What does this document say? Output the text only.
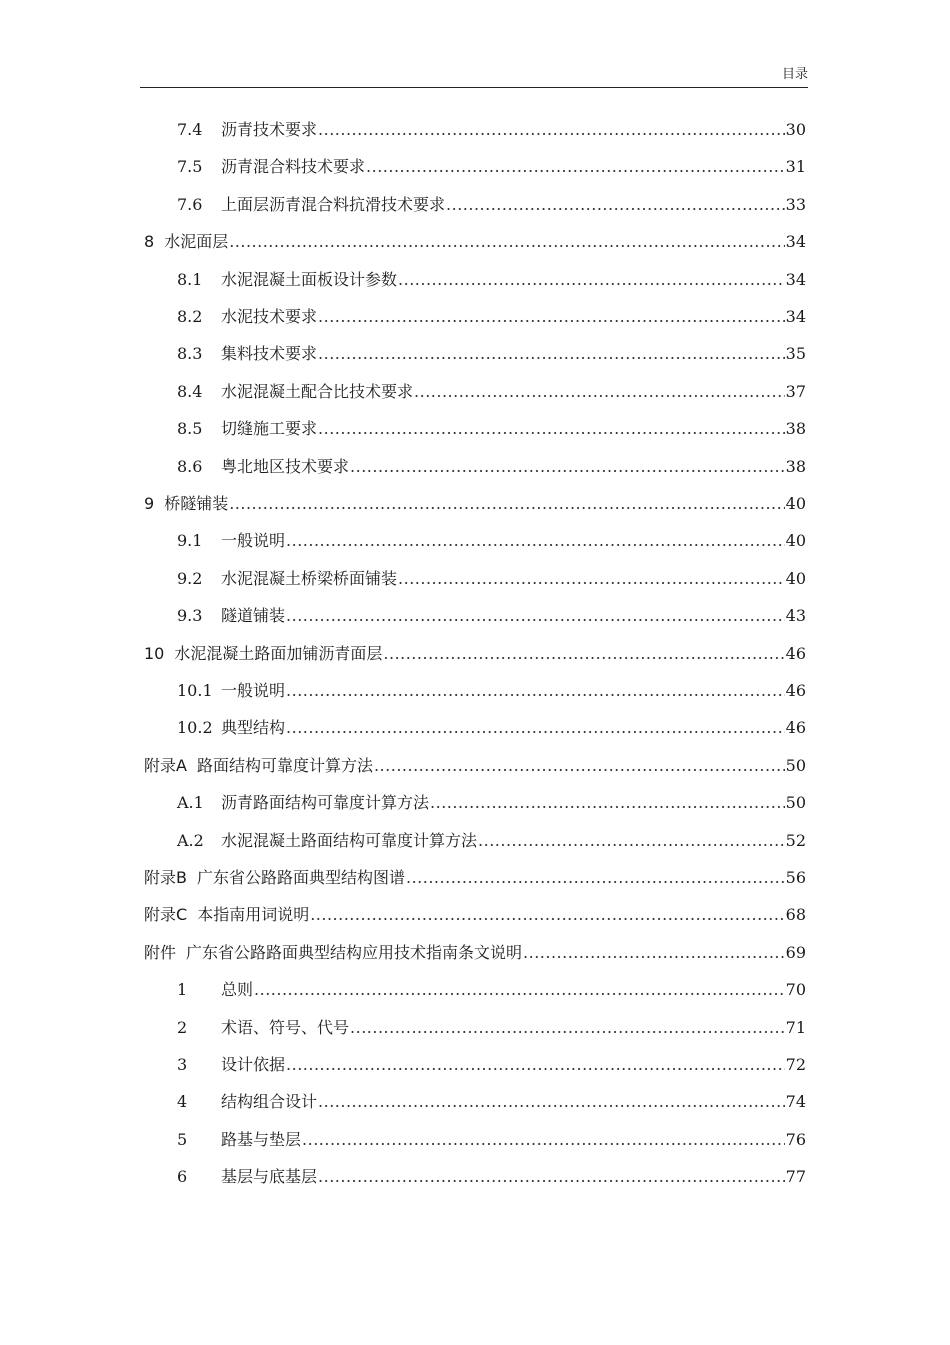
目录
7.4	沥青技术要求 .....	30
7.5	沥青混合料技术要求 .....	31
7.6	上面层沥青混合料抗滑技术要求 .....	33
8 水泥面层 .....	34
8.1	水泥混凝土面板设计参数 .....	34
8.2	水泥技术要求 .....	34
8.3	集料技术要求 .....	35
8.4	水泥混凝土配合比技术要求 .....	37
8.5	切缝施工要求 .....	38
8.6	粤北地区技术要求 .....	38
9 桥隧铺装 .....	40
9.1	一般说明 .....	40
9.2	水泥混凝土桥梁桥面铺装 .....	40
9.3	隧道铺装 .....	43
10 水泥混凝土路面加铺沥青面层 .....	46
10.1 一般说明 .....	46
10.2 典型结构 .....	46
附录A 路面结构可靠度计算方法 .....	50
A.1	沥青路面结构可靠度计算方法 .....	50
A.2	水泥混凝土路面结构可靠度计算方法 .....	52
附录B 广东省公路路面典型结构图谱 .....	56
附录C 本指南用词说明 .....	68
附件 广东省公路路面典型结构应用技术指南条文说明 .....	69
1	总则 .....	70
2	术语、符号、代号 .....	71
3	设计依据 .....	72
4	结构组合设计 .....	74
5	路基与垫层 .....	76
6	基层与底基层 .....	77
